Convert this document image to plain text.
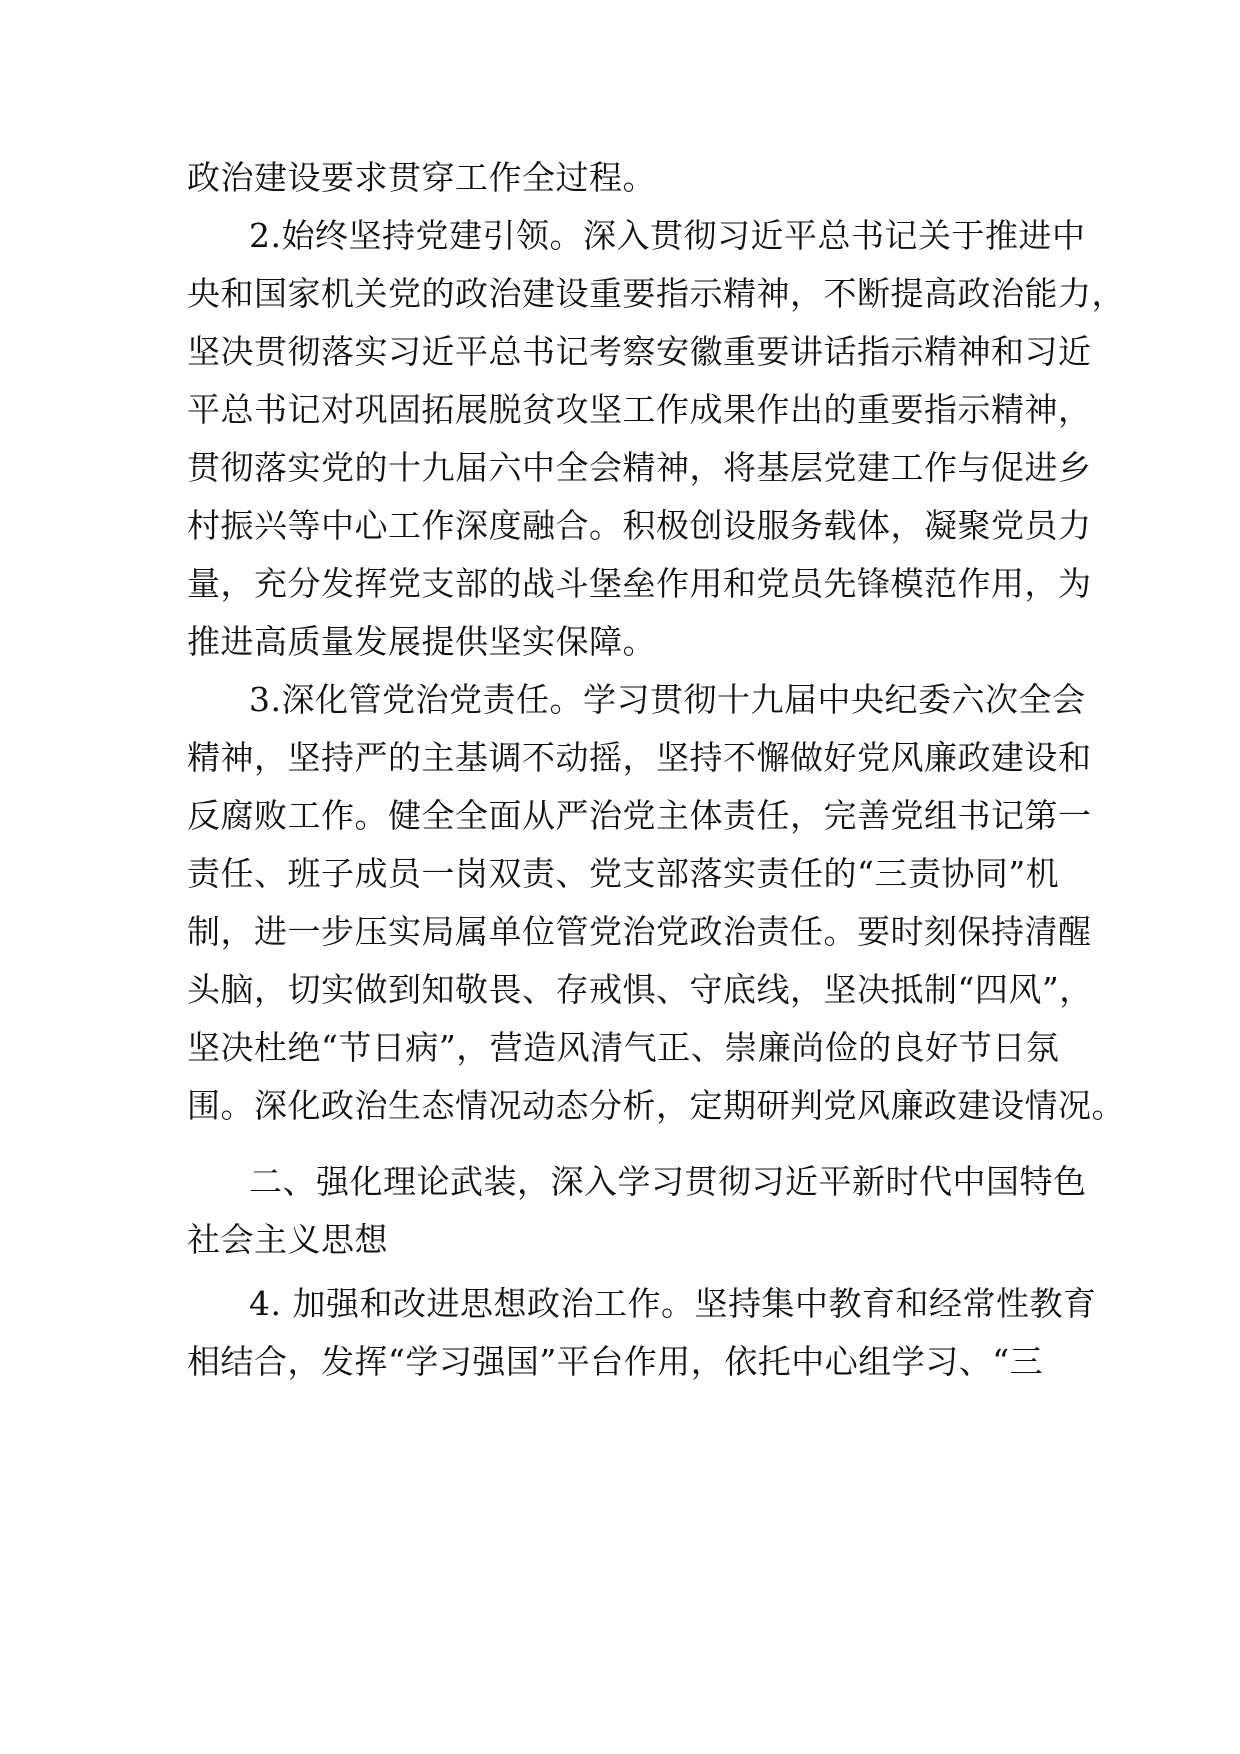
政治建设要求贯穿工作全过程。
2.始终坚持党建引领。深入贯彻习近平总书记关于推进中
央和国家机关党的政治建设重要指示精神，不断提高政治能力，
坚决贯彻落实习近平总书记考察安徽重要讲话指示精神和习近
平总书记对巩固拓展脱贫攻坚工作成果作出的重要指示精神，
贯彻落实党的十九届六中全会精神，将基层党建工作与促进乡
村振兴等中心工作深度融合。积极创设服务载体，凝聚党员力
量，充分发挥党支部的战斗堡垒作用和党员先锋模范作用，为
推进高质量发展提供坚实保障。
3.深化管党治党责任。学习贯彻十九届中央纪委六次全会
精神，坚持严的主基调不动摇，坚持不懈做好党风廉政建设和
反腐败工作。健全全面从严治党主体责任，完善党组书记第一
责任、班子成员一岗双责、党支部落实责任的“三责协同”机
制，进一步压实局属单位管党治党政治责任。要时刻保持清醒
头脑，切实做到知敬畏、存戒惧、守底线，坚决抵制“四风”，
坚决杜绝“节日病”，营造风清气正、崇廉尚俭的良好节日氛
围。深化政治生态情况动态分析，定期研判党风廉政建设情况。
二、强化理论武装，深入学习贯彻习近平新时代中国特色
社会主义思想
4. 加强和改进思想政治工作。坚持集中教育和经常性教育
相结合，发挥“学习强国”平台作用，依托中心组学习、“三
